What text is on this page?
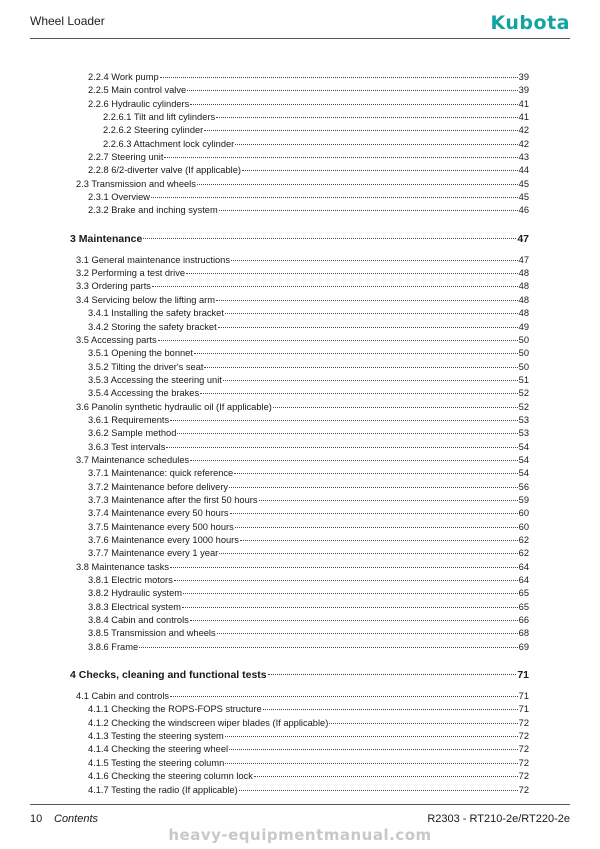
Wheel Loader	Kubota
2.2.4 Work pump	39
2.2.5 Main control valve	39
2.2.6 Hydraulic cylinders	41
2.2.6.1 Tilt and lift cylinders	41
2.2.6.2 Steering cylinder	42
2.2.6.3 Attachment lock cylinder	42
2.2.7 Steering unit	43
2.2.8 6/2-diverter valve (If applicable)	44
2.3 Transmission and wheels	45
2.3.1 Overview	45
2.3.2 Brake and inching system	46
3 Maintenance	47
3.1 General maintenance instructions	47
3.2 Performing a test drive	48
3.3 Ordering parts	48
3.4 Servicing below the lifting arm	48
3.4.1 Installing the safety bracket	48
3.4.2 Storing the safety bracket	49
3.5 Accessing parts	50
3.5.1 Opening the bonnet	50
3.5.2 Tilting the driver's seat	50
3.5.3 Accessing the steering unit	51
3.5.4 Accessing the brakes	52
3.6 Panolin synthetic hydraulic oil (If applicable)	52
3.6.1 Requirements	53
3.6.2 Sample method	53
3.6.3 Test intervals	54
3.7 Maintenance schedules	54
3.7.1 Maintenance: quick reference	54
3.7.2 Maintenance before delivery	56
3.7.3 Maintenance after the first 50 hours	59
3.7.4 Maintenance every 50 hours	60
3.7.5 Maintenance every 500 hours	60
3.7.6 Maintenance every 1000 hours	62
3.7.7 Maintenance every 1 year	62
3.8 Maintenance tasks	64
3.8.1 Electric motors	64
3.8.2 Hydraulic system	65
3.8.3 Electrical system	65
3.8.4 Cabin and controls	66
3.8.5 Transmission and wheels	68
3.8.6 Frame	69
4 Checks, cleaning and functional tests	71
4.1 Cabin and controls	71
4.1.1 Checking the ROPS-FOPS structure	71
4.1.2 Checking the windscreen wiper blades (If applicable)	72
4.1.3 Testing the steering system	72
4.1.4 Checking the steering wheel	72
4.1.5 Testing the steering column	72
4.1.6 Checking the steering column lock	72
4.1.7 Testing the radio (If applicable)	72
10 Contents	R2303 - RT210-2e/RT220-2e
heavy-equipmentmanual.com
